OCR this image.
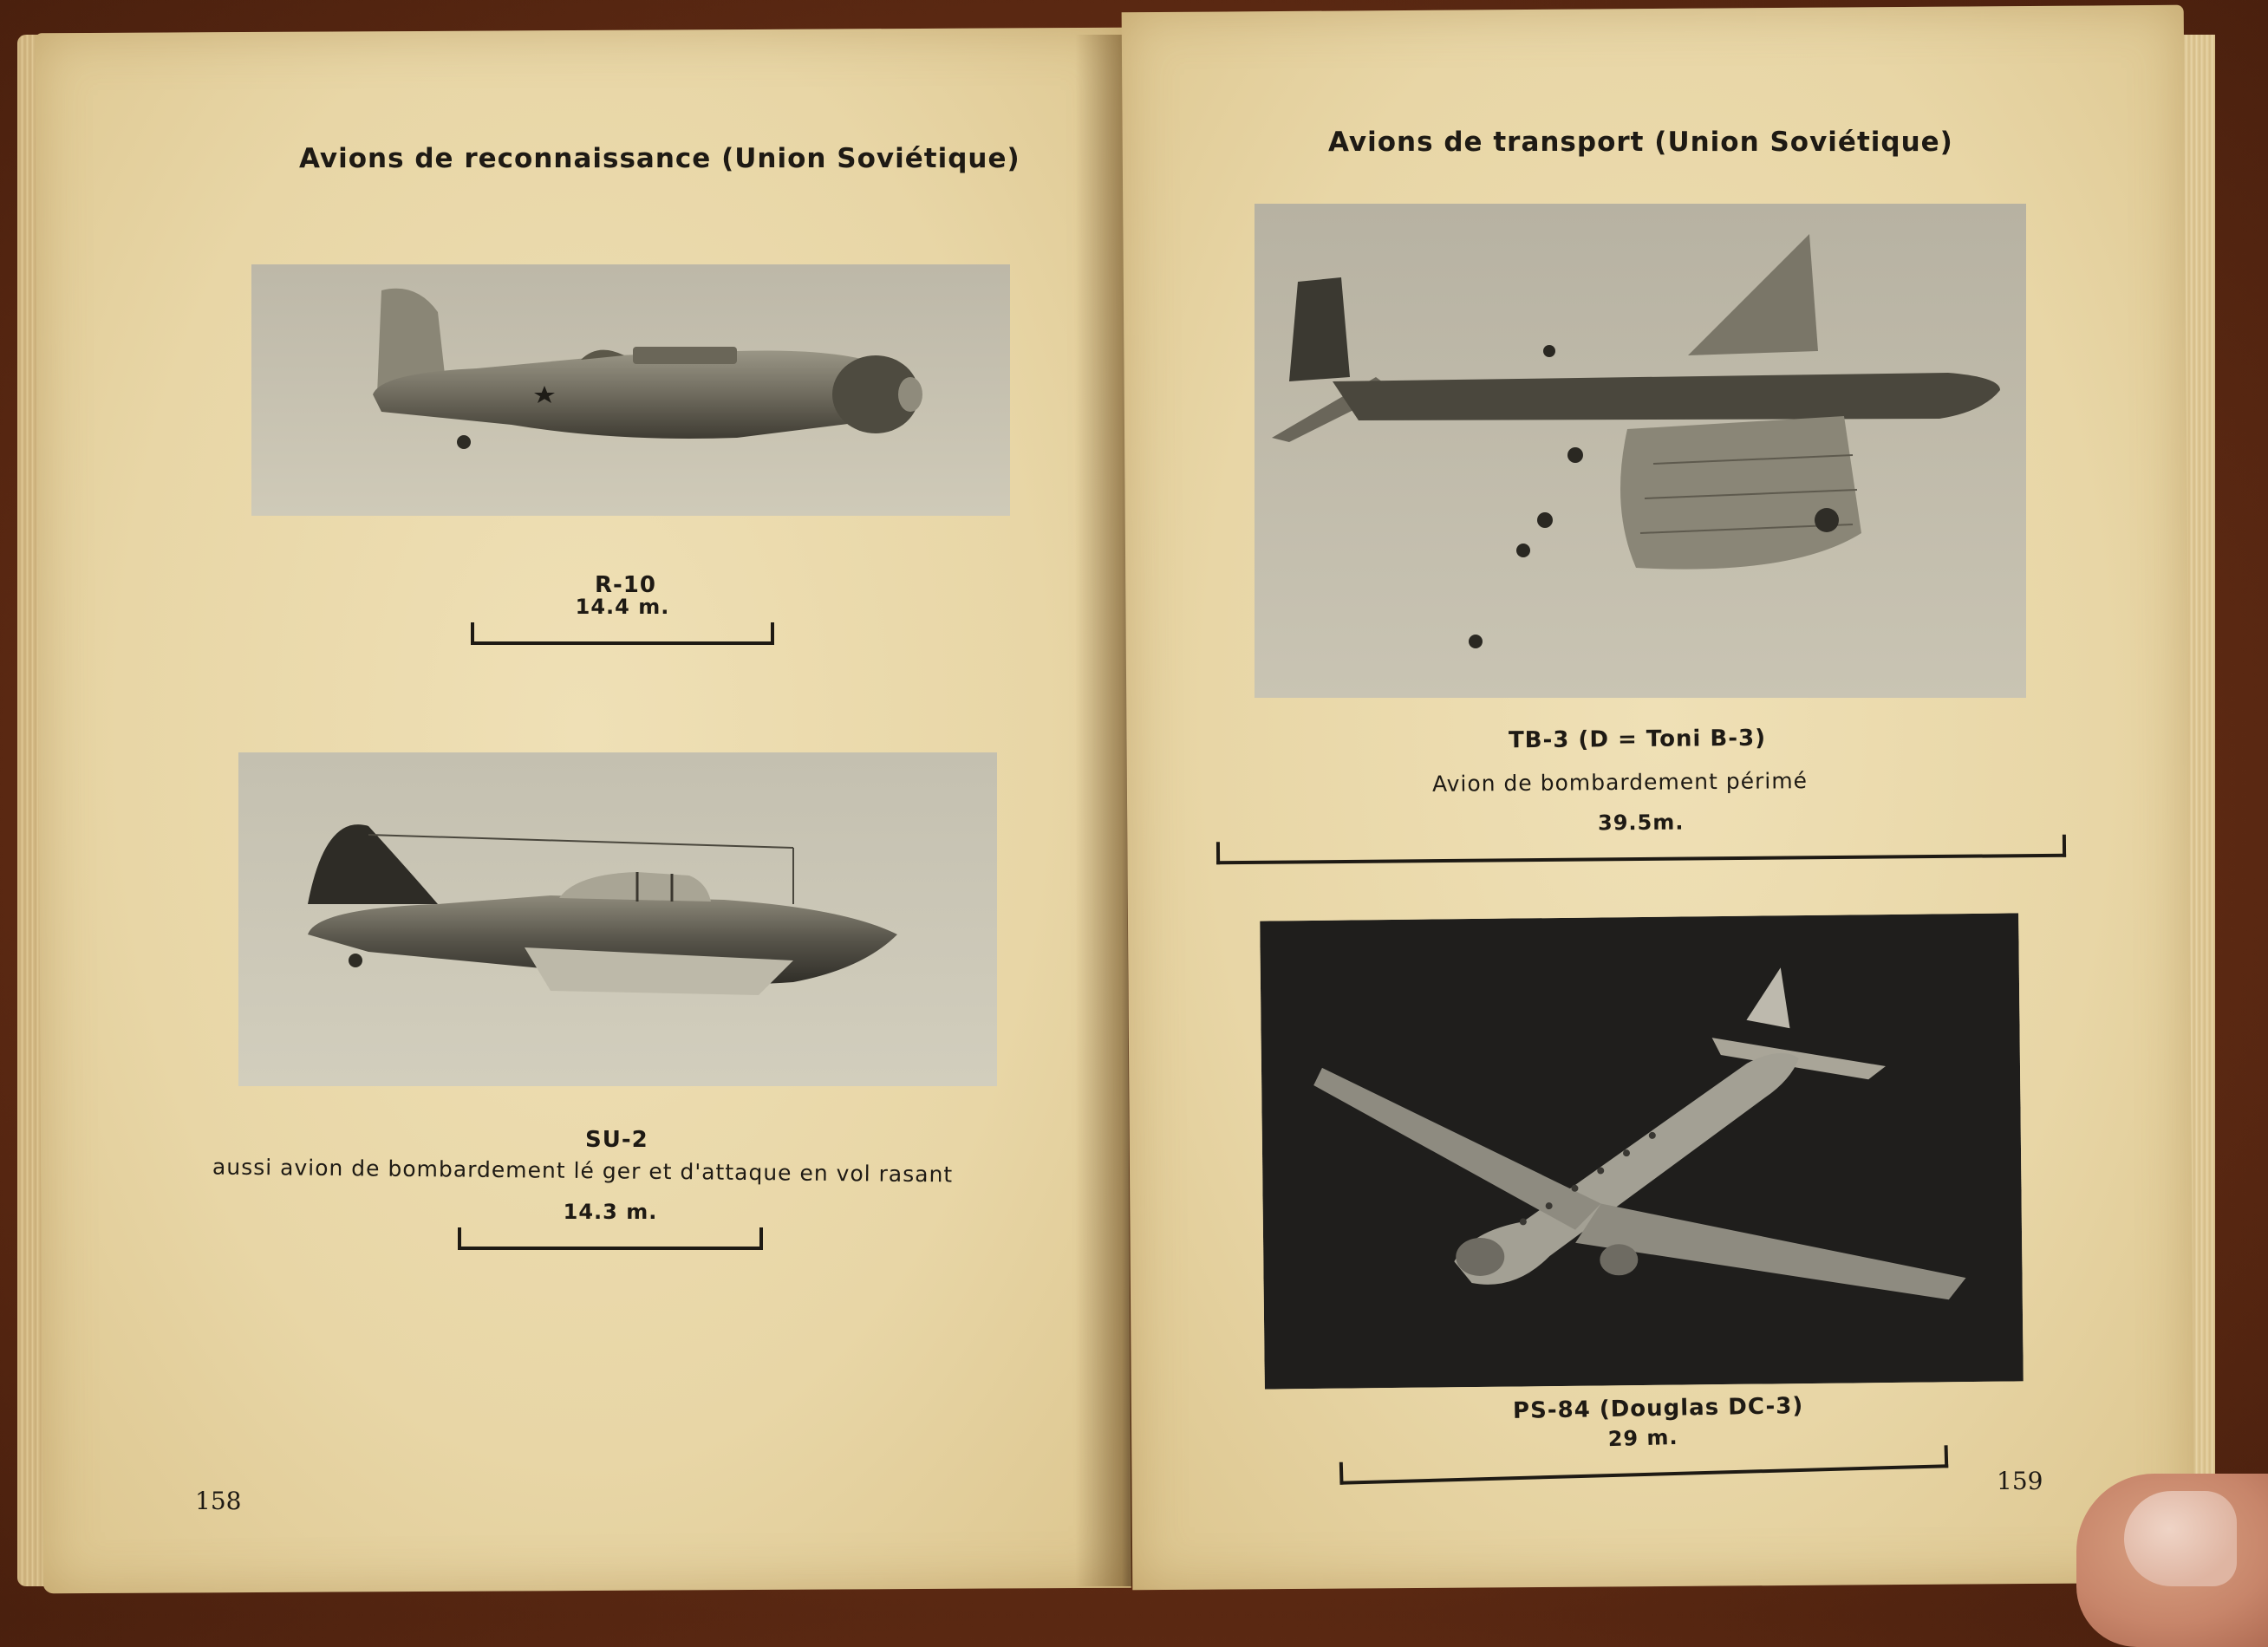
Avions de reconnaissance (Union Soviétique)
R-10
14.4 m.
SU-2
aussi avion de bombardement lé ger et d'attaque en vol rasant
14.3 m.
158
Avions de transport (Union Soviétique)
TB-3 (D = Toni B-3)
Avion de bombardement périmé
39.5m.
PS-84 (Douglas DC-3)
29 m.
159
